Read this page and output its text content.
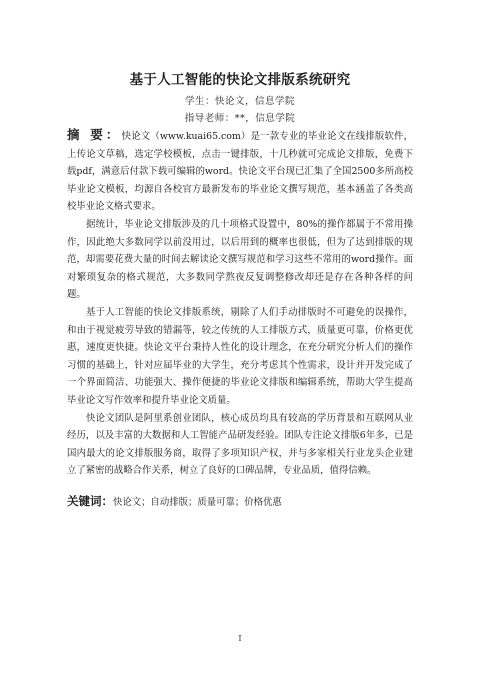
基于人工智能的快论文排版系统研究
学生：快论文，信息学院
指导老师：**，信息学院

摘 要：快论文（www.kuai65.com）是一款专业的毕业论文在线排版软件，上传论文草稿，选定学校模板，点击一键排版，十几秒就可完成论文排版，免费下载pdf，满意后付款下载可编辑的word。快论文平台现已汇集了全国2500多所高校毕业论文模板，均源自各校官方最新发布的毕业论文撰写规范，基本涵盖了各类高校毕业论文格式要求。

据统计，毕业论文排版涉及的几十项格式设置中，80%的操作都属于不常用操作，因此绝大多数同学以前没用过，以后用到的概率也很低，但为了达到排版的规范，却需要花费大量的时间去解读论文撰写规范和学习这些不常用的word操作。面对繁琐复杂的格式规范，大多数同学熬夜反复调整修改却还是存在各种各样的问题。

基于人工智能的快论文排版系统，剔除了人们手动排版时不可避免的误操作，和由于视觉疲劳导致的错漏等，较之传统的人工排版方式，质量更可靠，价格更优惠，速度更快捷。快论文平台秉持人性化的设计理念，在充分研究分析人们的操作习惯的基础上，针对应届毕业的大学生，充分考虑其个性需求，设计并开发完成了一个界面简洁、功能强大、操作便捷的毕业论文排版和编辑系统，帮助大学生提高毕业论文写作效率和提升毕业论文质量。

快论文团队是阿里系创业团队，核心成员均具有较高的学历背景和互联网从业经历，以及丰富的大数据和人工智能产品研发经验。团队专注论文排版6年多，已是国内最大的论文排版服务商，取得了多项知识产权，并与多家相关行业龙头企业建立了紧密的战略合作关系，树立了良好的口碑品牌，专业品质，值得信赖。

关键词：快论文；自动排版；质量可靠；价格优惠
I
